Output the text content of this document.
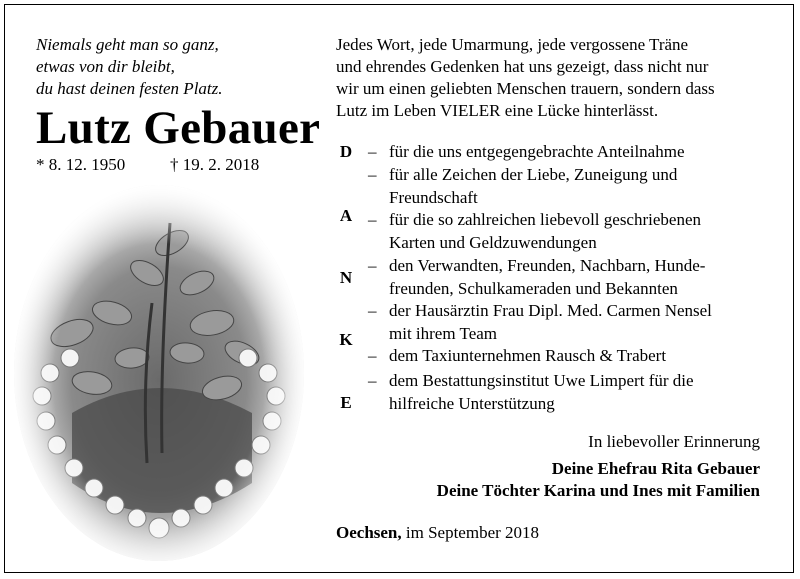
Niemals geht man so ganz,
etwas von dir bleibt,
du hast deinen festen Platz.
Lutz Gebauer
* 8. 12. 1950	† 19. 2. 2018
Jedes Wort, jede Umarmung, jede vergossene Träne
und ehrendes Gedenken hat uns gezeigt, dass nicht nur
wir um einen geliebten Menschen trauern, sondern dass
Lutz im Leben VIELER eine Lücke hinterlässt.
D
A
N
K
E
– für die uns entgegengebrachte Anteilnahme
– für alle Zeichen der Liebe, Zuneigung und
Freundschaft
– für die so zahlreichen liebevoll geschriebenen
Karten und Geldzuwendungen
– den Verwandten, Freunden, Nachbarn, Hunde-
freunden, Schulkameraden und Bekannten
– der Hausärztin Frau Dipl. Med. Carmen Nensel
mit ihrem Team
– dem Taxiunternehmen Rausch & Trabert
– dem Bestattungsinstitut Uwe Limpert für die
hilfreiche Unterstützung
In liebevoller Erinnerung
Deine Ehefrau Rita Gebauer
Deine Töchter Karina und Ines mit Familien
Oechsen, im September 2018
